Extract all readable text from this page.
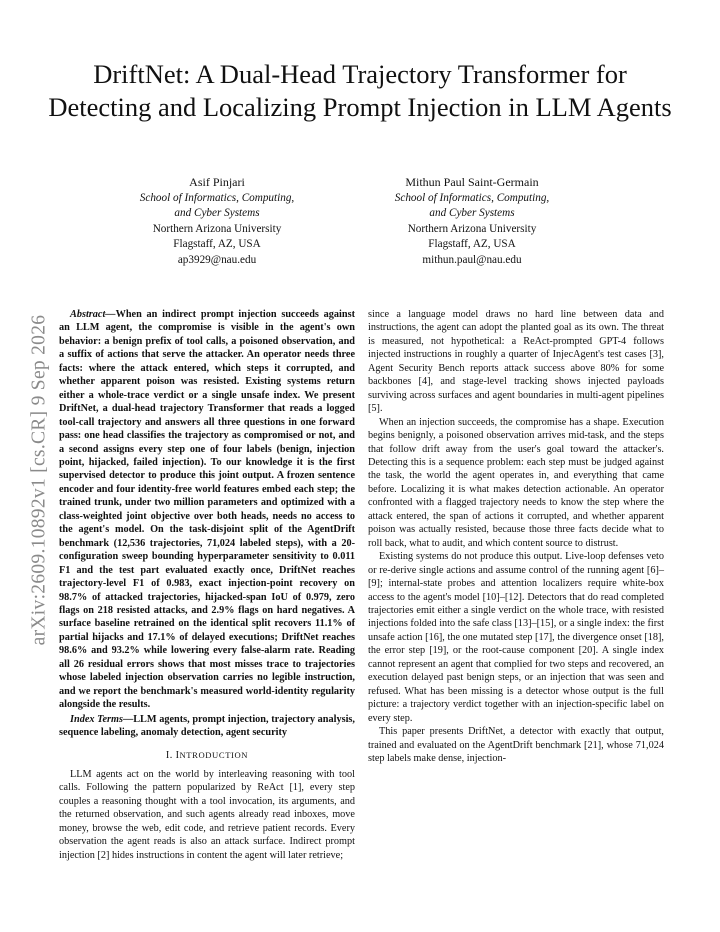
arXiv:2609.10892v1 [cs.CR] 9 Sep 2026
DriftNet: A Dual-Head Trajectory Transformer for Detecting and Localizing Prompt Injection in LLM Agents
Asif Pinjari
School of Informatics, Computing,
and Cyber Systems
Northern Arizona University
Flagstaff, AZ, USA
ap3929@nau.edu
Mithun Paul Saint-Germain
School of Informatics, Computing,
and Cyber Systems
Northern Arizona University
Flagstaff, AZ, USA
mithun.paul@nau.edu

Abstract—When an indirect prompt injection succeeds against an LLM agent, the compromise is visible in the agent's own behavior: a benign prefix of tool calls, a poisoned observation, and a suffix of actions that serve the attacker. An operator needs three facts: where the attack entered, which steps it corrupted, and whether apparent poison was resisted. Existing systems return either a whole-trace verdict or a single unsafe index. We present DriftNet, a dual-head trajectory Transformer that reads a logged tool-call trajectory and answers all three questions in one forward pass: one head classifies the trajectory as compromised or not, and a second assigns every step one of four labels (benign, injection point, hijacked, failed injection). To our knowledge it is the first supervised detector to produce this joint output. A frozen sentence encoder and four identity-free world features embed each step; the trained trunk, under two million parameters and optimized with a class-weighted joint objective over both heads, needs no access to the agent's model. On the task-disjoint split of the AgentDrift benchmark (12,536 trajectories, 71,024 labeled steps), with a 20-configuration sweep bounding hyperparameter sensitivity to 0.011 F1 and the test part evaluated exactly once, DriftNet reaches trajectory-level F1 of 0.983, exact injection-point recovery on 98.7% of attacked trajectories, hijacked-span IoU of 0.979, zero flags on 218 resisted attacks, and 2.9% flags on hard negatives. A surface baseline retrained on the identical split recovers 11.1% of partial hijacks and 17.1% of delayed executions; DriftNet reaches 98.6% and 93.2% while lowering every false-alarm rate. Reading all 26 residual errors shows that most misses trace to trajectories whose labeled injection observation carries no legible instruction, and we report the benchmark's measured world-identity regularity alongside the results.

Index Terms—LLM agents, prompt injection, trajectory analysis, sequence labeling, anomaly detection, agent security

I. INTRODUCTION

LLM agents act on the world by interleaving reasoning with tool calls. Following the pattern popularized by ReAct [1], every step couples a reasoning thought with a tool invocation, its arguments, and the returned observation, and such agents already read inboxes, move money, browse the web, edit code, and retrieve patient records. Every observation the agent reads is also an attack surface. Indirect prompt injection [2] hides instructions in content the agent will later retrieve;

since a language model draws no hard line between data and instructions, the agent can adopt the planted goal as its own. The threat is measured, not hypothetical: a ReAct-prompted GPT-4 follows injected instructions in roughly a quarter of InjecAgent's test cases [3], Agent Security Bench reports attack success above 80% for some backbones [4], and stage-level tracking shows injected payloads surviving across surfaces and agent boundaries in multi-agent pipelines [5].

When an injection succeeds, the compromise has a shape. Execution begins benignly, a poisoned observation arrives mid-task, and the steps that follow drift away from the user's goal toward the attacker's. Detecting this is a sequence problem: each step must be judged against the task, the world the agent operates in, and everything that came before. Localizing it is what makes detection actionable. An operator confronted with a flagged trajectory needs to know the step where the attack entered, the span of actions it corrupted, and whether apparent poison was actually resisted, because those three facts decide what to roll back, what to audit, and which content source to distrust.

Existing systems do not produce this output. Live-loop defenses veto or re-derive single actions and assume control of the running agent [6]–[9]; internal-state probes and attention localizers require white-box access to the agent's model [10]–[12]. Detectors that do read completed trajectories emit either a single verdict on the whole trace, with resisted injections folded into the safe class [13]–[15], or a single index: the first unsafe action [16], the one mutated step [17], the divergence onset [18], the error step [19], or the root-cause component [20]. A single index cannot represent an agent that complied for two steps and recovered, an execution delayed past benign steps, or an injection that was seen and refused. What has been missing is a detector whose output is the full picture: a trajectory verdict together with an injection-specific label on every step.

This paper presents DriftNet, a detector with exactly that output, trained and evaluated on the AgentDrift benchmark [21], whose 71,024 step labels make dense, injection-
